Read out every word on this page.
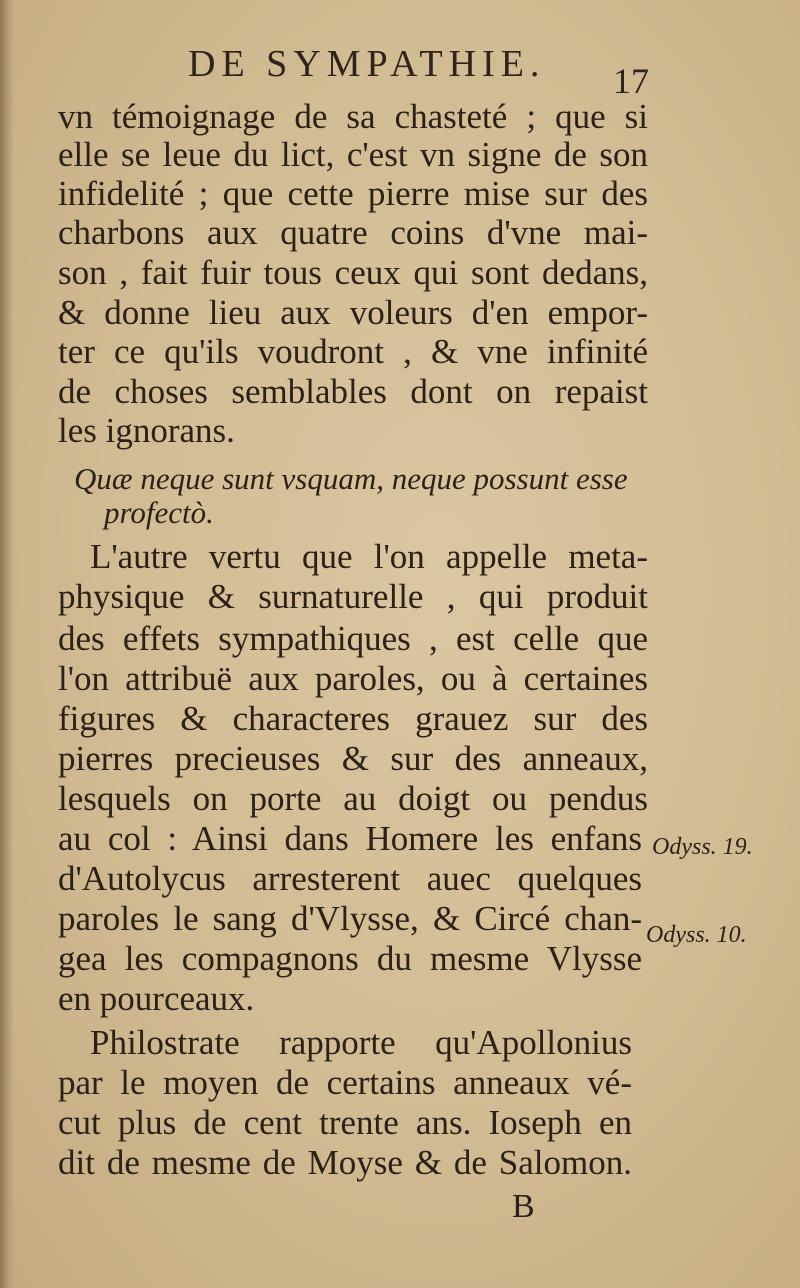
DE SYMPATHIE. 17
vn témoignage de sa chasteté ; que si
elle se leue du lict, c'est vn signe de son
infidelité ; que cette pierre mise sur des
charbons aux quatre coins d'vne mai-
son , fait fuir tous ceux qui sont dedans,
& donne lieu aux voleurs d'en empor-
ter ce qu'ils voudront , & vne infinité
de choses semblables dont on repaist
les ignorans.
Quæ neque sunt vsquam, neque possunt esse
profectò.
L'autre vertu que l'on appelle meta-
physique & surnaturelle , qui produit
des effets sympathiques , est celle que
l'on attribuë aux paroles, ou à certaines
figures & characteres grauez sur des
pierres precieuses & sur des anneaux,
lesquels on porte au doigt ou pendus
au col : Ainsi dans Homere les enfans
d'Autolycus arresterent auec quelques
paroles le sang d'Vlysse, & Circé chan-
gea les compagnons du mesme Vlysse
en pourceaux.
Philostrate rapporte qu'Apollonius
par le moyen de certains anneaux vé-
cut plus de cent trente ans. Ioseph en
dit de mesme de Moyse & de Salomon.
Odyss. 19.
Odyss. 10.
B
